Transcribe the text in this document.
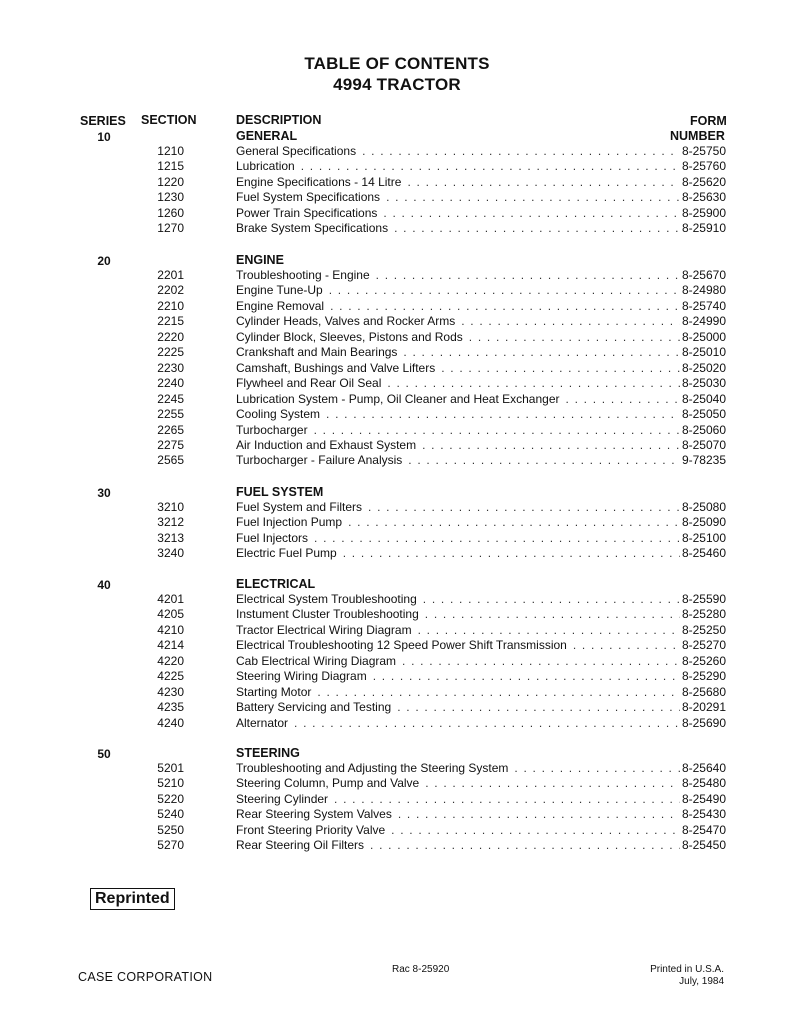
TABLE OF CONTENTS
4994 TRACTOR
SERIES SECTION	DESCRIPTION	FORM
NUMBER
10	GENERAL
1210	General Specifications . . .	8-25750
1215	Lubrication . . .	8-25760
1220	Engine Specifications - 14 Litre . . .	8-25620
1230	Fuel System Specifications . . .	8-25630
1260	Power Train Specifications . . .	8-25900
1270	Brake System Specifications . . .	8-25910
20	ENGINE
2201	Troubleshooting - Engine . . .	8-25670
2202	Engine Tune-Up . . .	8-24980
2210	Engine Removal . . .	8-25740
2215	Cylinder Heads, Valves and Rocker Arms . . .	8-24990
2220	Cylinder Block, Sleeves, Pistons and Rods . . .	8-25000
2225	Crankshaft and Main Bearings . . .	8-25010
2230	Camshaft, Bushings and Valve Lifters . . .	8-25020
2240	Flywheel and Rear Oil Seal . . .	8-25030
2245	Lubrication System - Pump, Oil Cleaner and Heat Exchanger . . .	8-25040
2255	Cooling System . . .	8-25050
2265	Turbocharger . . .	8-25060
2275	Air Induction and Exhaust System . . .	8-25070
2565	Turbocharger - Failure Analysis . . .	9-78235
30	FUEL SYSTEM
3210	Fuel System and Filters . . .	8-25080
3212	Fuel Injection Pump . . .	8-25090
3213	Fuel Injectors . . .	8-25100
3240	Electric Fuel Pump . . .	8-25460
40	ELECTRICAL
4201	Electrical System Troubleshooting . . .	8-25590
4205	Instument Cluster Troubleshooting . . .	8-25280
4210	Tractor Electrical Wiring Diagram . . .	8-25250
4214	Electrical Troubleshooting 12 Speed Power Shift Transmission . . .	8-25270
4220	Cab Electrical Wiring Diagram . . .	8-25260
4225	Steering Wiring Diagram . . .	8-25290
4230	Starting Motor . . .	8-25680
4235	Battery Servicing and Testing . . .	8-20291
4240	Alternator . . .	8-25690
50	STEERING
5201	Troubleshooting and Adjusting the Steering System . . .	8-25640
5210	Steering Column, Pump and Valve . . .	8-25480
5220	Steering Cylinder . . .	8-25490
5240	Rear Steering System Valves . . .	8-25430
5250	Front Steering Priority Valve . . .	8-25470
5270	Rear Steering Oil Filters . . .	8-25450
Reprinted
CASE CORPORATION
Rac 8-25920	Printed in U.S.A.
July, 1984
